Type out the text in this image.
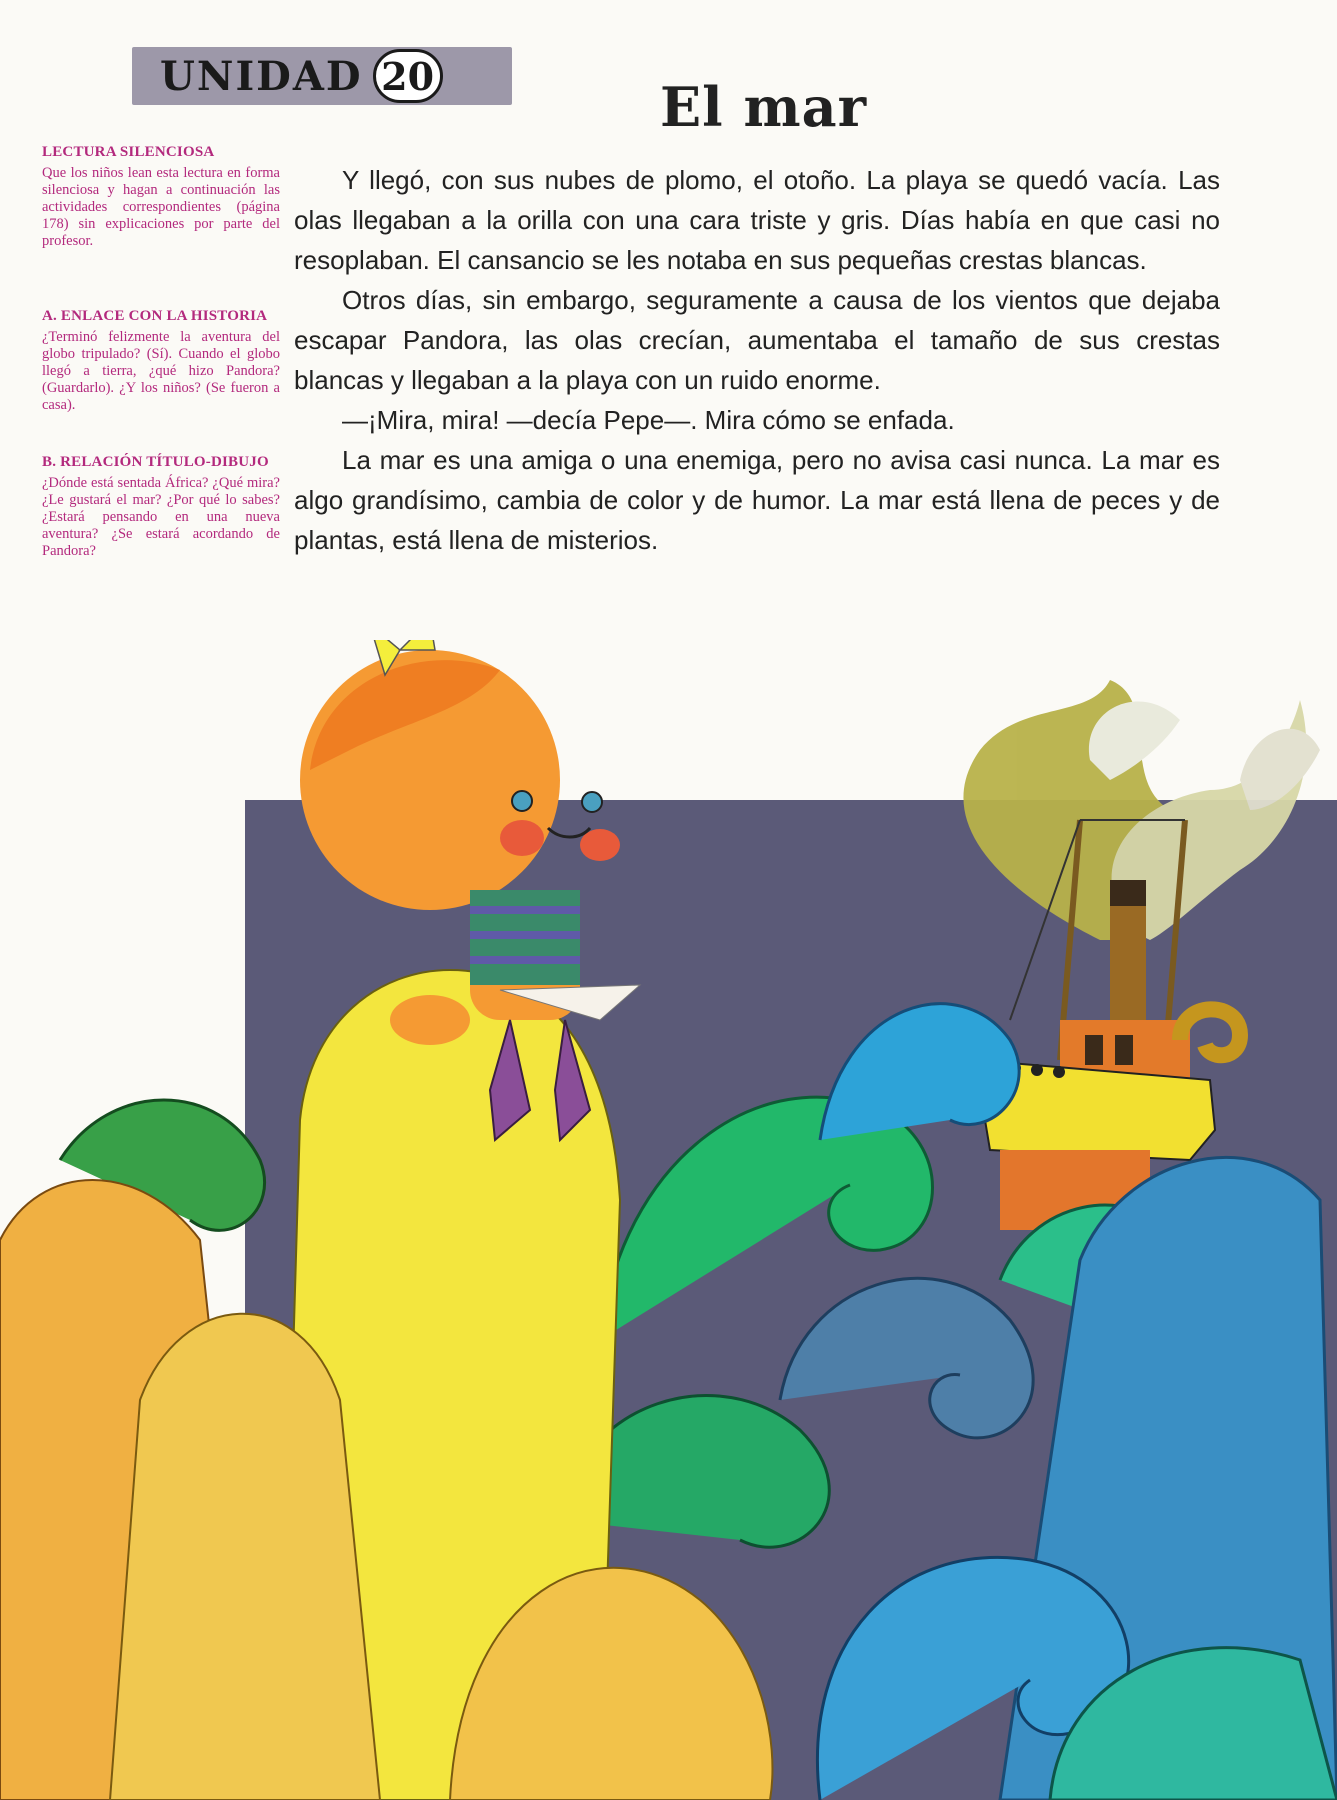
UNIDAD 20	El mar

LECTURA SILENCIOSA

Que los niños lean esta lectura en forma silenciosa y hagan a continuación las actividades correspondientes (página 178) sin explicaciones por parte del profesor.

A. ENLACE CON LA HISTORIA

¿Terminó felizmente la aventura del globo tripulado? (Sí). Cuando el globo llegó a tierra, ¿qué hizo Pandora? (Guardarlo). ¿Y los niños? (Se fueron a casa).

B. RELACIÓN TÍTULO-DIBUJO

¿Dónde está sentada África? ¿Qué mira? ¿Le gustará el mar? ¿Por qué lo sabes? ¿Estará pensando en una nueva aventura? ¿Se estará acordando de Pandora?

Y llegó, con sus nubes de plomo, el otoño. La playa se quedó vacía. Las olas llegaban a la orilla con una cara triste y gris. Días había en que casi no resoplaban. El cansancio se les notaba en sus pequeñas crestas blancas.

Otros días, sin embargo, seguramente a causa de los vientos que dejaba escapar Pandora, las olas crecían, aumentaba el tamaño de sus crestas blancas y llegaban a la playa con un ruido enorme.

—¡Mira, mira! —decía Pepe—. Mira cómo se enfada.

La mar es una amiga o una enemiga, pero no avisa casi nunca. La mar es algo grandísimo, cambia de color y de humor. La mar está llena de peces y de plantas, está llena de misterios.
